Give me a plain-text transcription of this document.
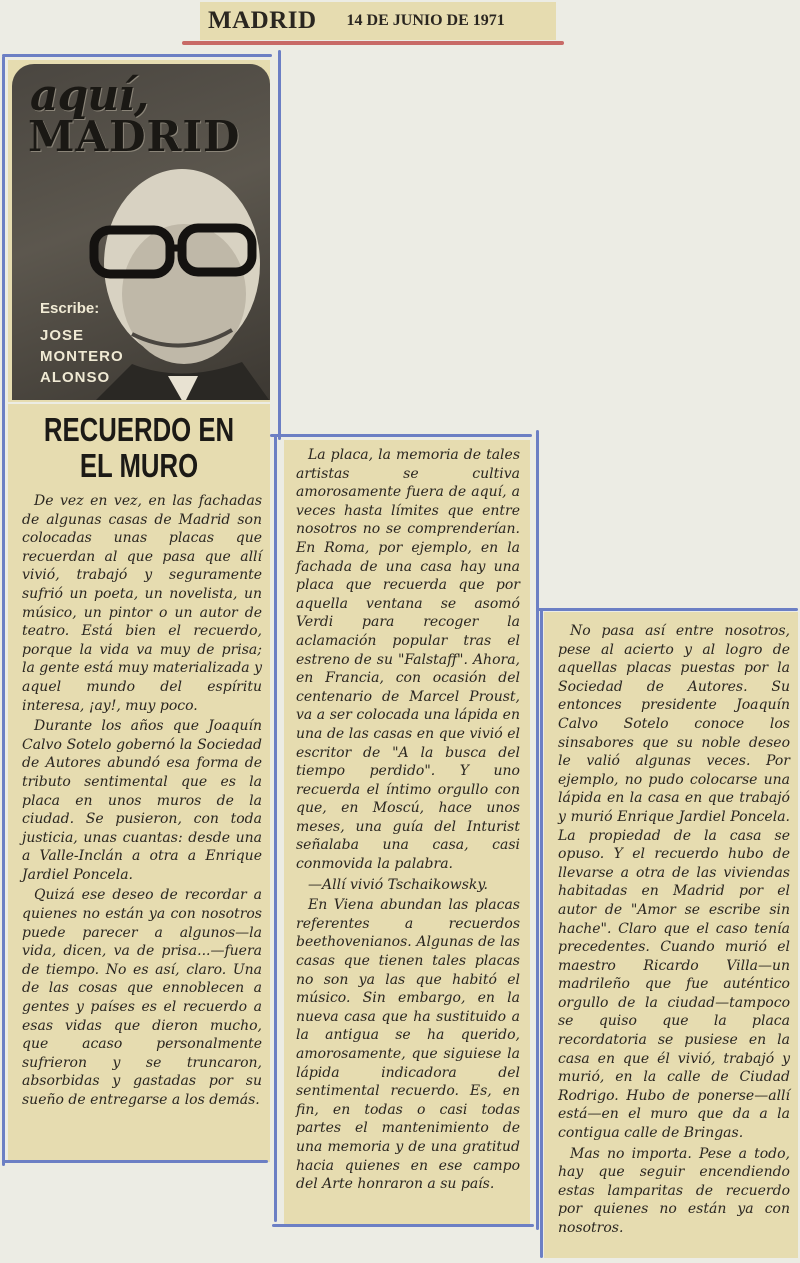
MADRID 14 DE JUNIO DE 1971
aquí,
MADRID
Escribe:
JOSE
MONTERO
ALONSO
RECUERDO EN EL MURO

De vez en vez, en las fachadas de algunas casas de Madrid son colocadas unas placas que recuerdan al que pasa que allí vivió, trabajó y seguramente sufrió un poeta, un novelista, un músico, un pintor o un autor de teatro. Está bien el recuerdo, porque la vida va muy de prisa; la gente está muy materializada y aquel mundo del espíritu interesa, ¡ay!, muy poco.

Durante los años que Joaquín Calvo Sotelo gobernó la Sociedad de Autores abundó esa forma de tributo sentimental que es la placa en unos muros de la ciudad. Se pusieron, con toda justicia, unas cuantas: desde una a Valle-Inclán a otra a Enrique Jardiel Poncela.

Quizá ese deseo de recordar a quienes no están ya con nosotros puede parecer a algunos—la vida, dicen, va de prisa...—fuera de tiempo. No es así, claro. Una de las cosas que ennoblecen a gentes y países es el recuerdo a esas vidas que dieron mucho, que acaso personalmente sufrieron y se truncaron, absorbidas y gastadas por su sueño de entregarse a los demás.

La placa, la memoria de tales artistas se cultiva amorosamente fuera de aquí, a veces hasta límites que entre nosotros no se comprenderían. En Roma, por ejemplo, en la fachada de una casa hay una placa que recuerda que por aquella ventana se asomó Verdi para recoger la aclamación popular tras el estreno de su "Falstaff". Ahora, en Francia, con ocasión del centenario de Marcel Proust, va a ser colocada una lápida en una de las casas en que vivió el escritor de "A la busca del tiempo perdido". Y uno recuerda el íntimo orgullo con que, en Moscú, hace unos meses, una guía del Inturist señalaba una casa, casi conmovida la palabra.

—Allí vivió Tschaikowsky.

En Viena abundan las placas referentes a recuerdos beethovenianos. Algunas de las casas que tienen tales placas no son ya las que habitó el músico. Sin embargo, en la nueva casa que ha sustituido a la antigua se ha querido, amorosamente, que siguiese la lápida indicadora del sentimental recuerdo. Es, en fin, en todas o casi todas partes el mantenimiento de una memoria y de una gratitud hacia quienes en ese campo del Arte honraron a su país.

No pasa así entre nosotros, pese al acierto y al logro de aquellas placas puestas por la Sociedad de Autores. Su entonces presidente Joaquín Calvo Sotelo conoce los sinsabores que su noble deseo le valió algunas veces. Por ejemplo, no pudo colocarse una lápida en la casa en que trabajó y murió Enrique Jardiel Poncela. La propiedad de la casa se opuso. Y el recuerdo hubo de llevarse a otra de las viviendas habitadas en Madrid por el autor de "Amor se escribe sin hache". Claro que el caso tenía precedentes. Cuando murió el maestro Ricardo Villa—un madrileño que fue auténtico orgullo de la ciudad—tampoco se quiso que la placa recordatoria se pusiese en la casa en que él vivió, trabajó y murió, en la calle de Ciudad Rodrigo. Hubo de ponerse—allí está—en el muro que da a la contigua calle de Bringas.

Mas no importa. Pese a todo, hay que seguir encendiendo estas lamparitas de recuerdo por quienes no están ya con nosotros.
